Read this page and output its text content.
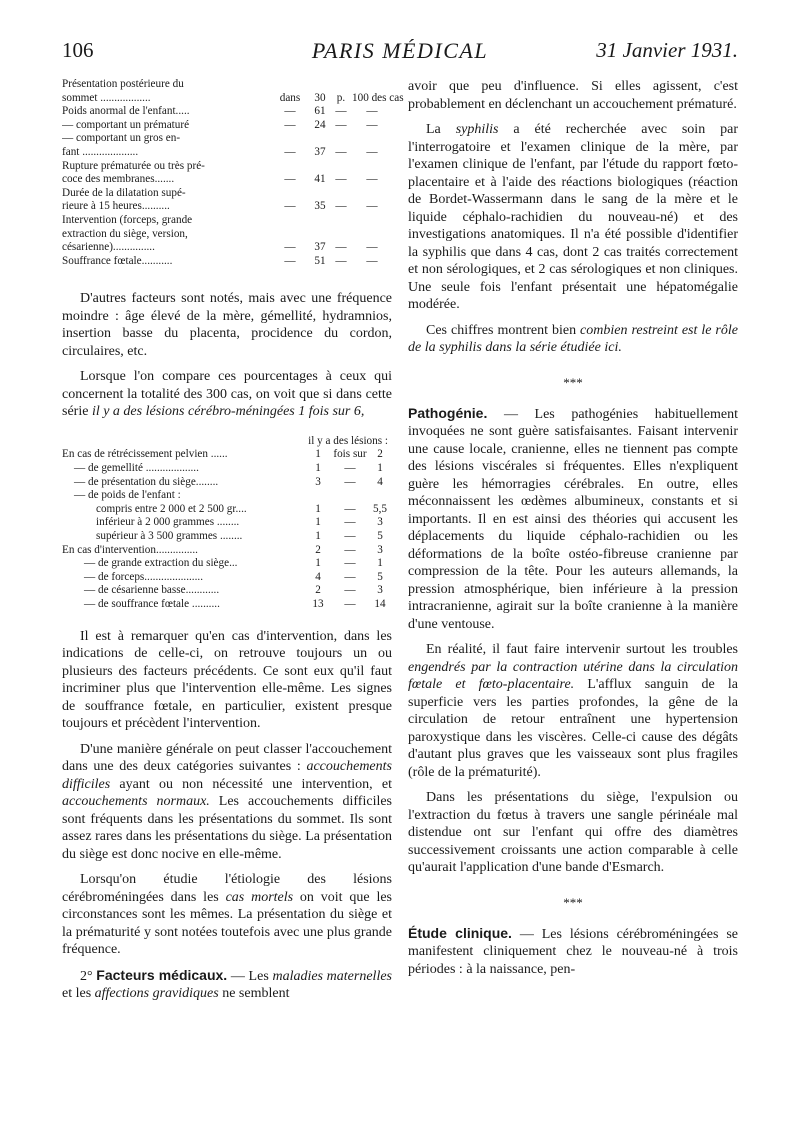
106	PARIS MÉDICAL	31 Janvier 1931.
Présentation postérieure du
sommet ..................	dans	30	p. 100 des cas
Poids anormal de l'enfant.....	—	61 —	—
— comportant un prématuré	—	24 —	—
— comportant un gros en-
fant ....................	—	37 —	—
Rupture prématurée ou très pré-
coce des membranes.......	—	41 —	—
Durée de la dilatation supé-
rieure à 15 heures..........	—	35 —	—
Intervention (forceps, grande
extraction du siège, version,
césarienne)...............	—	37 —	—
Souffrance fœtale...........	—	51 —	—

D'autres facteurs sont notés, mais avec une fréquence moindre : âge élevé de la mère, gémellité, hydramnios, insertion basse du placenta, procidence du cordon, circulaires, etc.

Lorsque l'on compare ces pourcentages à ceux qui concernent la totalité des 300 cas, on voit que si dans cette série il y a des lésions cérébro-méningées 1 fois sur 6,

il y a des lésions :
En cas de rétrécissement pelvien ......	1	fois sur 2
— de gemellité ...................	1	—	1
— de présentation du siège........	3	—	4
— de poids de l'enfant :
compris entre 2 000 et 2 500 gr....	1	—	5,5
inférieur à 2 000 grammes ........	1	—	3
supérieur à 3 500 grammes ........	1	—	5
En cas d'intervention...............	2	—	3
— de grande extraction du siège...	1	—	1
— de forceps.....................	4	—	5
— de césarienne basse............	2	—	3
— de souffrance fœtale ..........	13	—	14

Il est à remarquer qu'en cas d'intervention, dans les indications de celle-ci, on retrouve toujours un ou plusieurs des facteurs précédents. Ce sont eux qu'il faut incriminer plus que l'intervention elle-même. Les signes de souffrance fœtale, en particulier, existent presque toujours et précèdent l'intervention.

D'une manière générale on peut classer l'accouchement dans une des deux catégories suivantes : accouchements difficiles ayant ou non nécessité une intervention, et accouchements normaux. Les accouchements difficiles sont fréquents dans les présentations du sommet. Ils sont assez rares dans les présentations du siège. La présentation du siège est donc nocive en elle-même.

Lorsqu'on étudie l'étiologie des lésions cérébroméningées dans les cas mortels on voit que les circonstances sont les mêmes. La présentation du siège et la prématurité y sont notées toutefois avec une plus grande fréquence.

2° Facteurs médicaux. — Les maladies maternelles et les affections gravidiques ne semblent

avoir que peu d'influence. Si elles agissent, c'est probablement en déclenchant un accouchement prématuré.

La syphilis a été recherchée avec soin par l'interrogatoire et l'examen clinique de la mère, par l'examen clinique de l'enfant, par l'étude du rapport fœto-placentaire et à l'aide des réactions biologiques (réaction de Bordet-Wassermann dans le sang de la mère et le liquide céphalo-rachidien du nouveau-né) et des investigations anatomiques. Il n'a été possible d'identifier la syphilis que dans 4 cas, dont 2 cas traités correctement et non sérologiques, et 2 cas sérologiques et non cliniques. Une seule fois l'enfant présentait une hépatomégalie modérée.

Ces chiffres montrent bien combien restreint est le rôle de la syphilis dans la série étudiée ici.

***

Pathogénie. — Les pathogénies habituellement invoquées ne sont guère satisfaisantes. Faisant intervenir une cause locale, cranienne, elles ne tiennent pas compte des lésions viscérales si fréquentes. Elles n'expliquent guère les hémorragies cérébrales. En outre, elles méconnaissent les œdèmes albumineux, constants et si importants. Il en est ainsi des théories qui accusent les déplacements du liquide céphalo-rachidien ou les déformations de la boîte ostéo-fibreuse cranienne par compression de la tête. Pour les auteurs allemands, la pression atmosphérique, bien inférieure à la pression intracranienne, agirait sur la boîte cranienne à la manière d'une ventouse.

En réalité, il faut faire intervenir surtout les troubles engendrés par la contraction utérine dans la circulation fœtale et fœto-placentaire. L'afflux sanguin de la superficie vers les parties profondes, la gêne de la circulation de retour entraînent une hypertension paroxystique dans les viscères. Celle-ci cause des dégâts d'autant plus graves que les vaisseaux sont plus fragiles (rôle de la prématurité).

Dans les présentations du siège, l'expulsion ou l'extraction du fœtus à travers une sangle périnéale mal distendue ont sur l'enfant qui offre des diamètres successivement croissants une action comparable à celle qu'aurait l'application d'une bande d'Esmarch.

***

Étude clinique. — Les lésions cérébroméningées se manifestent cliniquement chez le nouveau-né à trois périodes : à la naissance, pen-
